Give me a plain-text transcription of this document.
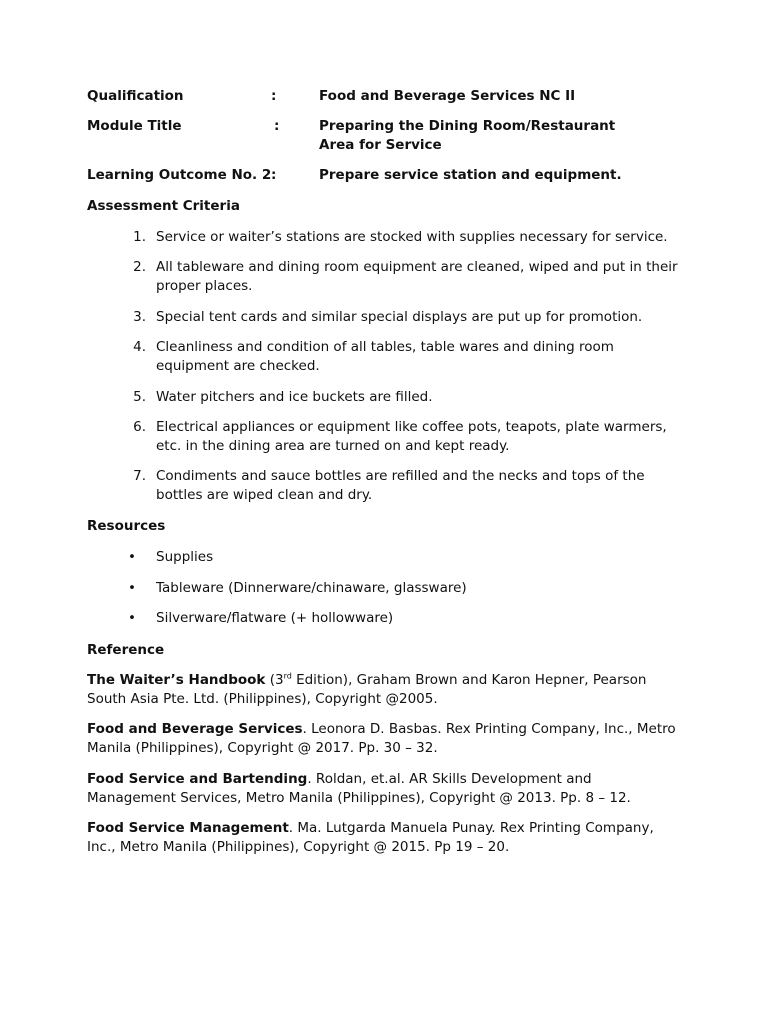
Qualification	:	Food and Beverage Services NC II
Module Title	:	Preparing the Dining Room/Restaurant Area for Service
Learning Outcome No. 2 :	Prepare service station and equipment.
Assessment Criteria
1. Service or waiter’s stations are stocked with supplies necessary for service.
2. All tableware and dining room equipment are cleaned, wiped and put in their proper places.
3. Special tent cards and similar special displays are put up for promotion.
4. Cleanliness and condition of all tables, table wares and dining room equipment are checked.
5. Water pitchers and ice buckets are filled.
6. Electrical appliances or equipment like coffee pots, teapots, plate warmers, etc. in the dining area are turned on and kept ready.
7. Condiments and sauce bottles are refilled and the necks and tops of the bottles are wiped clean and dry.
Resources
• Supplies
• Tableware (Dinnerware/chinaware, glassware)
• Silverware/flatware (+ hollowware)
Reference
The Waiter’s Handbook (3rd Edition), Graham Brown and Karon Hepner, Pearson South Asia Pte. Ltd. (Philippines), Copyright @2005.
Food and Beverage Services. Leonora D. Basbas. Rex Printing Company, Inc., Metro Manila (Philippines), Copyright @ 2017. Pp. 30 – 32.
Food Service and Bartending. Roldan, et.al. AR Skills Development and Management Services, Metro Manila (Philippines), Copyright @ 2013. Pp. 8 – 12.
Food Service Management. Ma. Lutgarda Manuela Punay. Rex Printing Company, Inc., Metro Manila (Philippines), Copyright @ 2015. Pp 19 – 20.
